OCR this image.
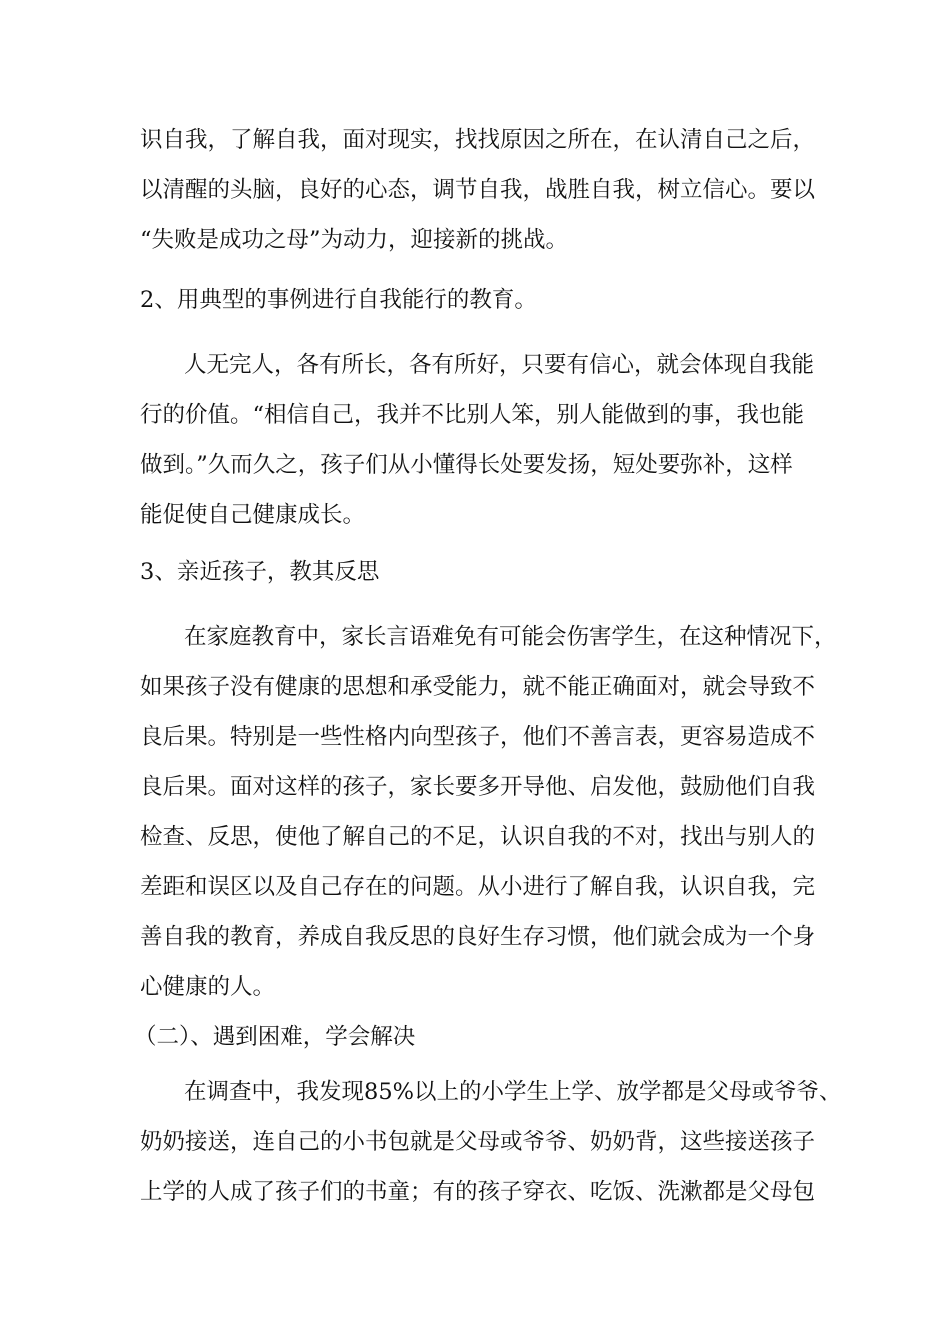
识自我，了解自我，面对现实，找找原因之所在，在认清自己之后，
以清醒的头脑，良好的心态，调节自我，战胜自我，树立信心。要以
“失败是成功之母”为动力，迎接新的挑战。
2、用典型的事例进行自我能行的教育。
人无完人，各有所长，各有所好，只要有信心，就会体现自我能
行的价值。“相信自己，我并不比别人笨，别人能做到的事，我也能
做到。”久而久之，孩子们从小懂得长处要发扬，短处要弥补，这样
能促使自己健康成长。
3、亲近孩子，教其反思
在家庭教育中，家长言语难免有可能会伤害学生，在这种情况下，
如果孩子没有健康的思想和承受能力，就不能正确面对，就会导致不
良后果。特别是一些性格内向型孩子，他们不善言表，更容易造成不
良后果。面对这样的孩子，家长要多开导他、启发他，鼓励他们自我
检查、反思，使他了解自己的不足，认识自我的不对，找出与别人的
差距和误区以及自己存在的问题。从小进行了解自我，认识自我，完
善自我的教育，养成自我反思的良好生存习惯，他们就会成为一个身
心健康的人。
（二）、遇到困难，学会解决
在调查中，我发现85%以上的小学生上学、放学都是父母或爷爷、
奶奶接送，连自己的小书包就是父母或爷爷、奶奶背，这些接送孩子
上学的人成了孩子们的书童；有的孩子穿衣、吃饭、洗漱都是父母包
